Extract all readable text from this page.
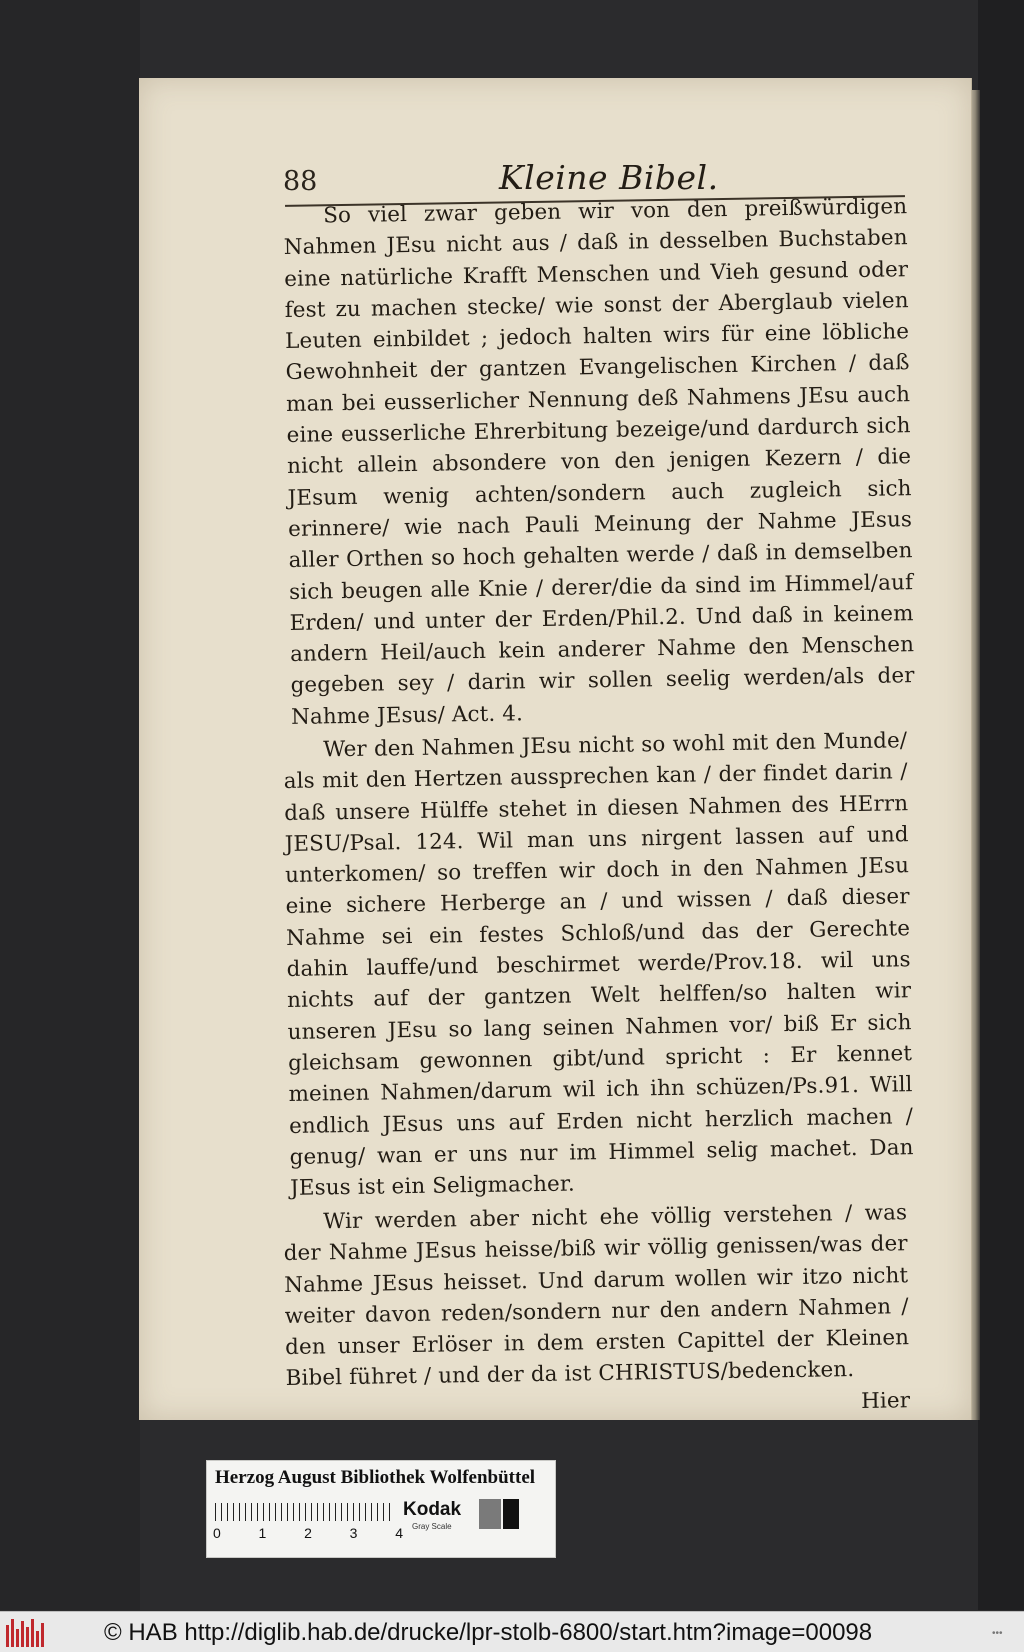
88	Kleine Bibel.

So viel zwar geben wir von den preißwürdigen Nahmen JEsu nicht aus / daß in desselben Buchstaben eine natürliche Krafft Menschen und Vieh gesund oder fest zu machen stecke/ wie sonst der Aberglaub vielen Leuten einbildet ; jedoch halten wirs für eine löbliche Gewohnheit der gantzen Evangelischen Kirchen / daß man bei eusserlicher Nennung deß Nahmens JEsu auch eine eusserliche Ehrerbitung bezeige/und dardurch sich nicht allein absondere von den jenigen Kezern / die JEsum wenig achten/sondern auch zugleich sich erinnere/ wie nach Pauli Meinung der Nahme JEsus aller Orthen so hoch gehalten werde / daß in demselben sich beugen alle Knie / derer/die da sind im Himmel/auf Erden/ und unter der Erden/Phil.2. Und daß in keinem andern Heil/auch kein anderer Nahme den Menschen gegeben sey / darin wir sollen seelig werden/als der Nahme JEsus/ Act. 4.

Wer den Nahmen JEsu nicht so wohl mit den Munde/ als mit den Hertzen aussprechen kan / der findet darin / daß unsere Hülffe stehet in diesen Nahmen des HErrn JESU/Psal. 124. Wil man uns nirgent lassen auf und unterkomen/ so treffen wir doch in den Nahmen JEsu eine sichere Herberge an / und wissen / daß dieser Nahme sei ein festes Schloß/und das der Gerechte dahin lauffe/und beschirmet werde/Prov.18. wil uns nichts auf der gantzen Welt helffen/so halten wir unseren JEsu so lang seinen Nahmen vor/ biß Er sich gleichsam gewonnen gibt/und spricht : Er kennet meinen Nahmen/darum wil ich ihn schüzen/Ps.91. Will endlich JEsus uns auf Erden nicht herzlich machen / genug/ wan er uns nur im Himmel selig machet. Dan JEsus ist ein Seligmacher.

Wir werden aber nicht ehe völlig verstehen / was der Nahme JEsus heisse/biß wir völlig genissen/was der Nahme JEsus heisset. Und darum wollen wir itzo nicht weiter davon reden/sondern nur den andern Nahmen / den unser Erlöser in dem ersten Capittel der Kleinen Bibel führet / und der da ist CHRISTUS/bedencken.
Hier

Herzog August Bibliothek Wolfenbüttel
0	1	2	3	4
Kodak
Gray Scale
© HAB http://diglib.hab.de/drucke/lpr-stolb-6800/start.htm?image=00098	•••
